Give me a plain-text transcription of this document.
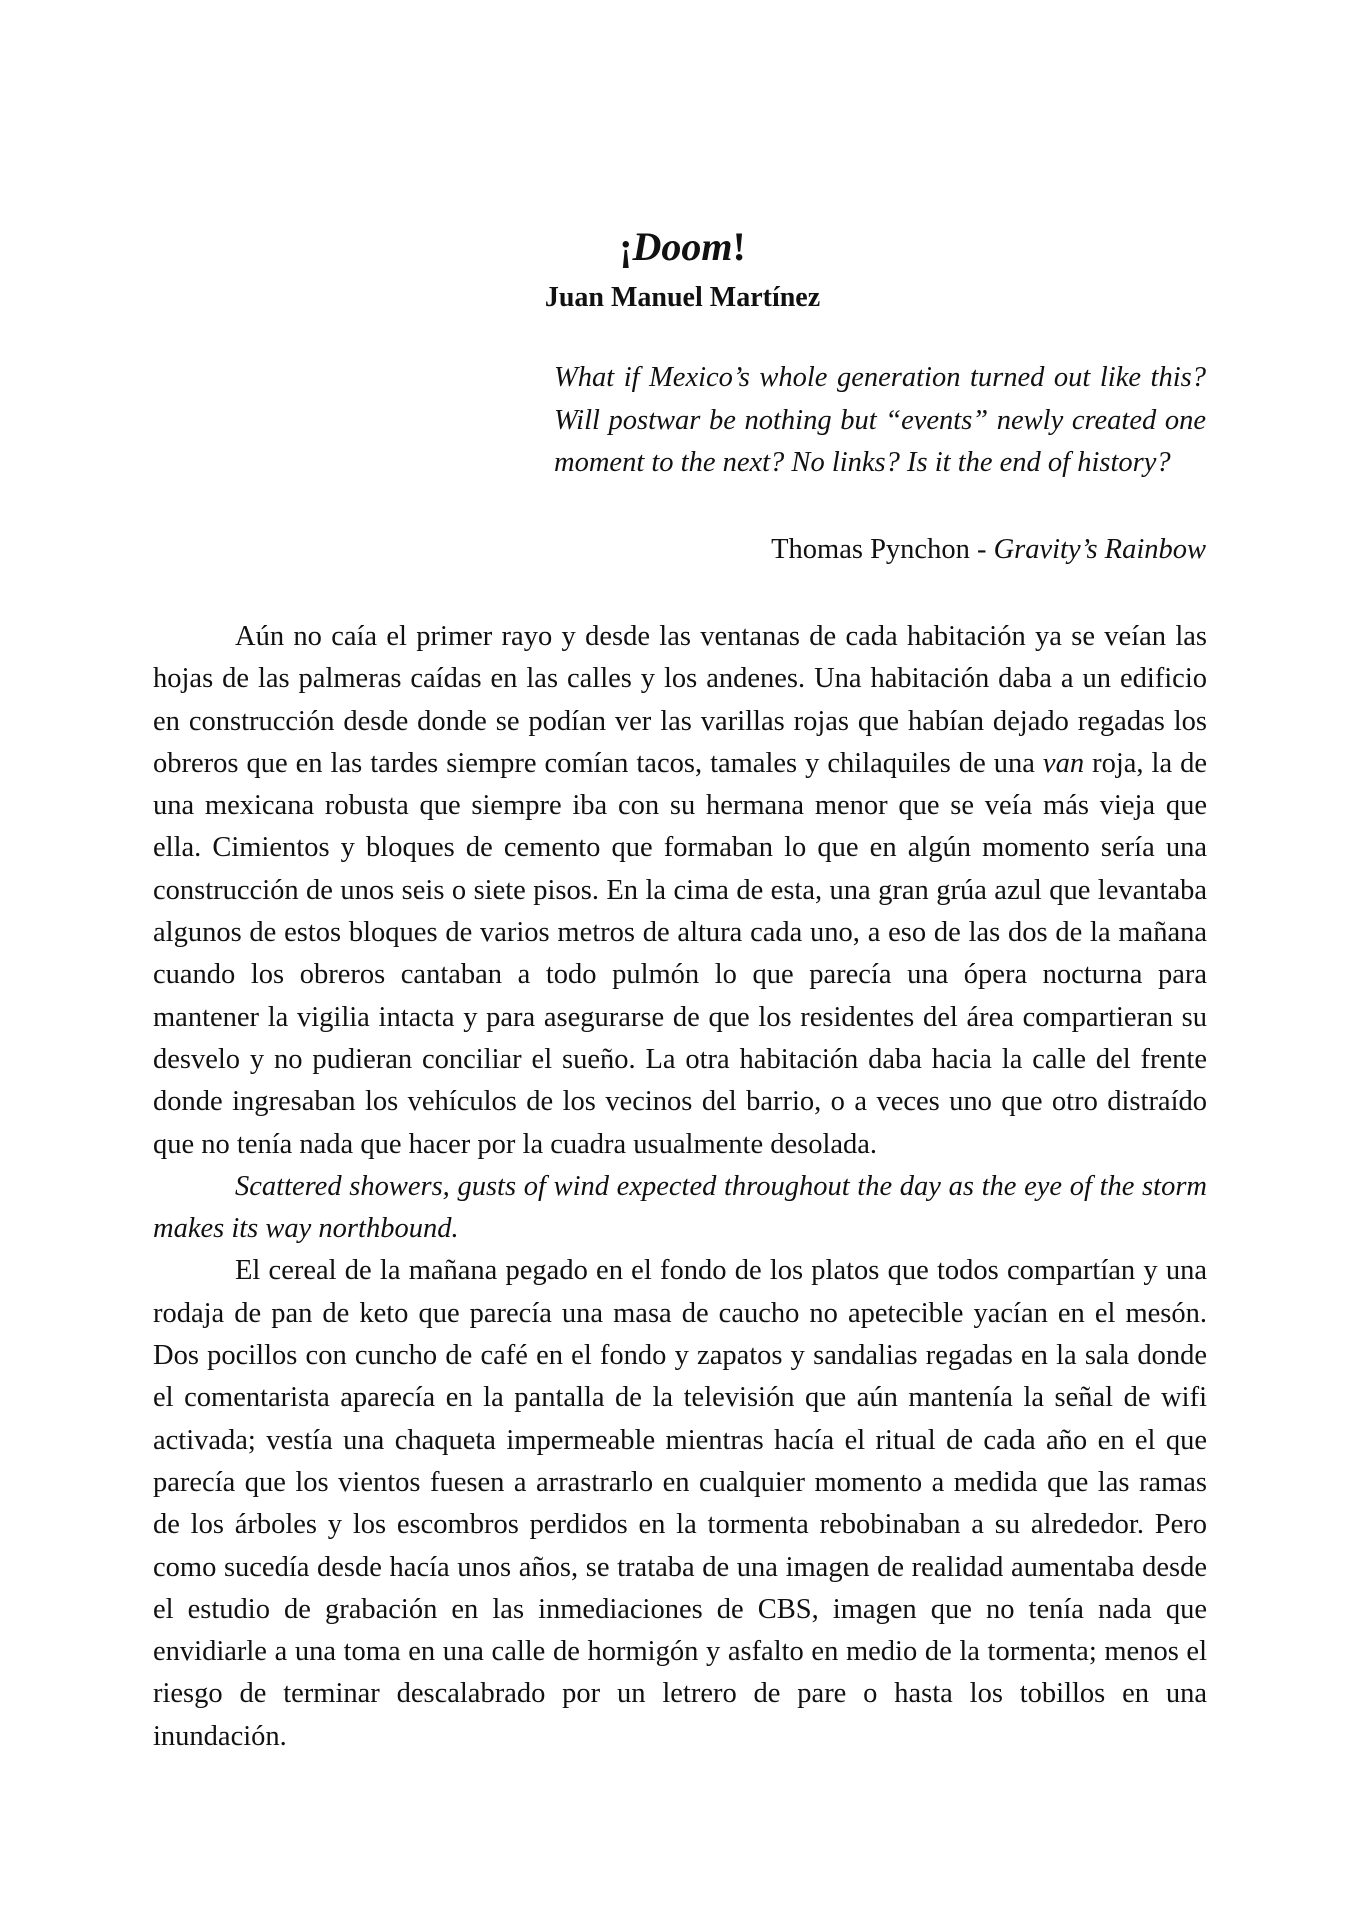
¡Doom!
Juan Manuel Martínez
What if Mexico’s whole generation turned out like this? Will postwar be nothing but “events” newly created one moment to the next? No links? Is it the end of history?
Thomas Pynchon - Gravity’s Rainbow

Aún no caía el primer rayo y desde las ventanas de cada habitación ya se veían las hojas de las palmeras caídas en las calles y los andenes. Una habitación daba a un edificio en construcción desde donde se podían ver las varillas rojas que habían dejado regadas los obreros que en las tardes siempre comían tacos, tamales y chilaquiles de una van roja, la de una mexicana robusta que siempre iba con su hermana menor que se veía más vieja que ella. Cimientos y bloques de cemento que formaban lo que en algún momento sería una construcción de unos seis o siete pisos. En la cima de esta, una gran grúa azul que levantaba algunos de estos bloques de varios metros de altura cada uno, a eso de las dos de la mañana cuando los obreros cantaban a todo pulmón lo que parecía una ópera nocturna para mantener la vigilia intacta y para asegurarse de que los residentes del área compartieran su desvelo y no pudieran conciliar el sueño. La otra habitación daba hacia la calle del frente donde ingresaban los vehículos de los vecinos del barrio, o a veces uno que otro distraído que no tenía nada que hacer por la cuadra usualmente desolada.

Scattered showers, gusts of wind expected throughout the day as the eye of the storm makes its way northbound.

El cereal de la mañana pegado en el fondo de los platos que todos compartían y una rodaja de pan de keto que parecía una masa de caucho no apetecible yacían en el mesón. Dos pocillos con cuncho de café en el fondo y zapatos y sandalias regadas en la sala donde el comentarista aparecía en la pantalla de la televisión que aún mantenía la señal de wifi activada; vestía una chaqueta impermeable mientras hacía el ritual de cada año en el que parecía que los vientos fuesen a arrastrarlo en cualquier momento a medida que las ramas de los árboles y los escombros perdidos en la tormenta rebobinaban a su alrededor. Pero como sucedía desde hacía unos años, se trataba de una imagen de realidad aumentaba desde el estudio de grabación en las inmediaciones de CBS, imagen que no tenía nada que envidiarle a una toma en una calle de hormigón y asfalto en medio de la tormenta; menos el riesgo de terminar descalabrado por un letrero de pare o hasta los tobillos en una inundación.
